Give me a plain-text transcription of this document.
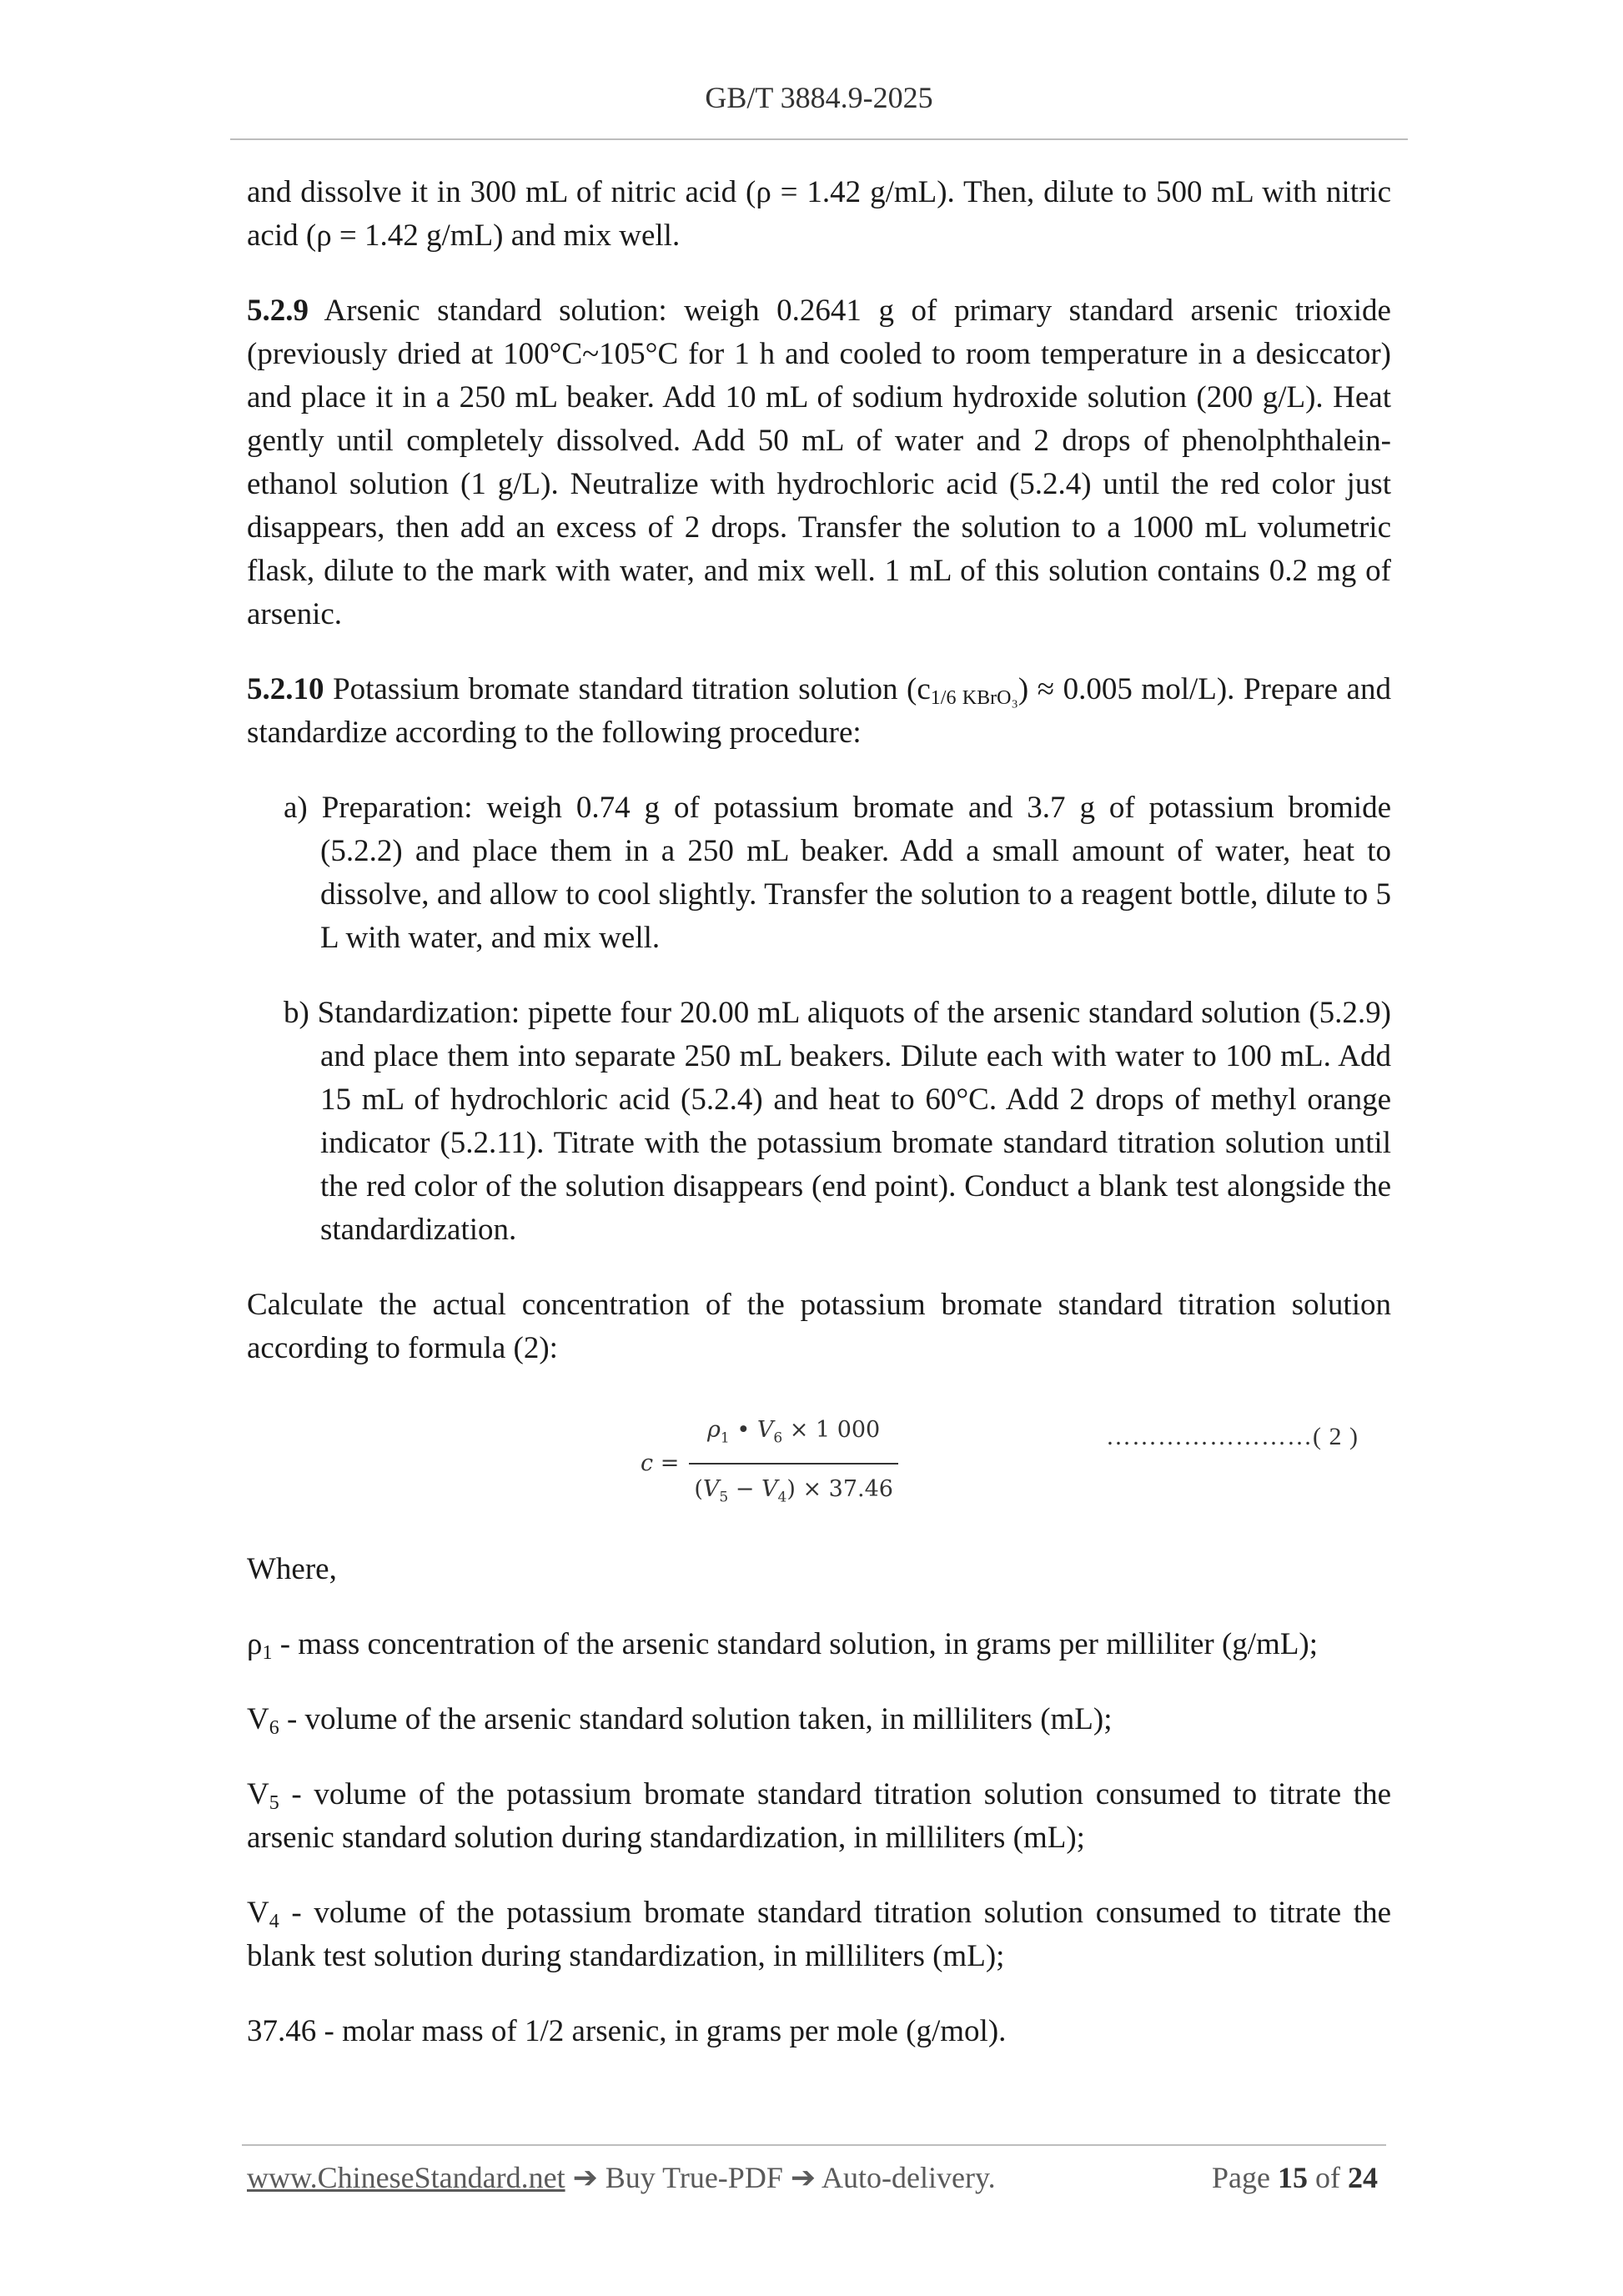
GB/T 3884.9-2025

and dissolve it in 300 mL of nitric acid (ρ = 1.42 g/mL). Then, dilute to 500 mL with nitric acid (ρ = 1.42 g/mL) and mix well.

5.2.9 Arsenic standard solution: weigh 0.2641 g of primary standard arsenic trioxide (previously dried at 100°C~105°C for 1 h and cooled to room temperature in a desiccator) and place it in a 250 mL beaker. Add 10 mL of sodium hydroxide solution (200 g/L). Heat gently until completely dissolved. Add 50 mL of water and 2 drops of phenolphthalein-ethanol solution (1 g/L). Neutralize with hydrochloric acid (5.2.4) until the red color just disappears, then add an excess of 2 drops. Transfer the solution to a 1000 mL volumetric flask, dilute to the mark with water, and mix well. 1 mL of this solution contains 0.2 mg of arsenic.

5.2.10 Potassium bromate standard titration solution $(c_{1/6 KBrO_3}) \approx 0.005$ mol/L). Prepare and standardize according to the following procedure:

a) Preparation: weigh 0.74 g of potassium bromate and 3.7 g of potassium bromide (5.2.2) and place them in a 250 mL beaker. Add a small amount of water, heat to dissolve, and allow to cool slightly. Transfer the solution to a reagent bottle, dilute to 5 L with water, and mix well.

b) Standardization: pipette four 20.00 mL aliquots of the arsenic standard solution (5.2.9) and place them into separate 250 mL beakers. Dilute each with water to 100 mL. Add 15 mL of hydrochloric acid (5.2.4) and heat to 60°C. Add 2 drops of methyl orange indicator (5.2.11). Titrate with the potassium bromate standard titration solution until the red color of the solution disappears (end point). Conduct a blank test alongside the standardization.

Calculate the actual concentration of the potassium bromate standard titration solution according to formula (2):

$c = \frac{\rho_1 • V_6 \times 1 000}{(V_5 - V_4) \times 37.46}$	……………………( 2 )

Where,

$\rho_1$ - mass concentration of the arsenic standard solution, in grams per milliliter (g/mL);

$V_6$ - volume of the arsenic standard solution taken, in milliliters (mL);

$V_5$ - volume of the potassium bromate standard titration solution consumed to titrate the arsenic standard solution during standardization, in milliliters (mL);

$V_4$ - volume of the potassium bromate standard titration solution consumed to titrate the blank test solution during standardization, in milliliters (mL);

37.46 - molar mass of 1/2 arsenic, in grams per mole (g/mol).

www.ChineseStandard.net ➔ Buy True-PDF ➔ Auto-delivery.	Page 15 of 24
